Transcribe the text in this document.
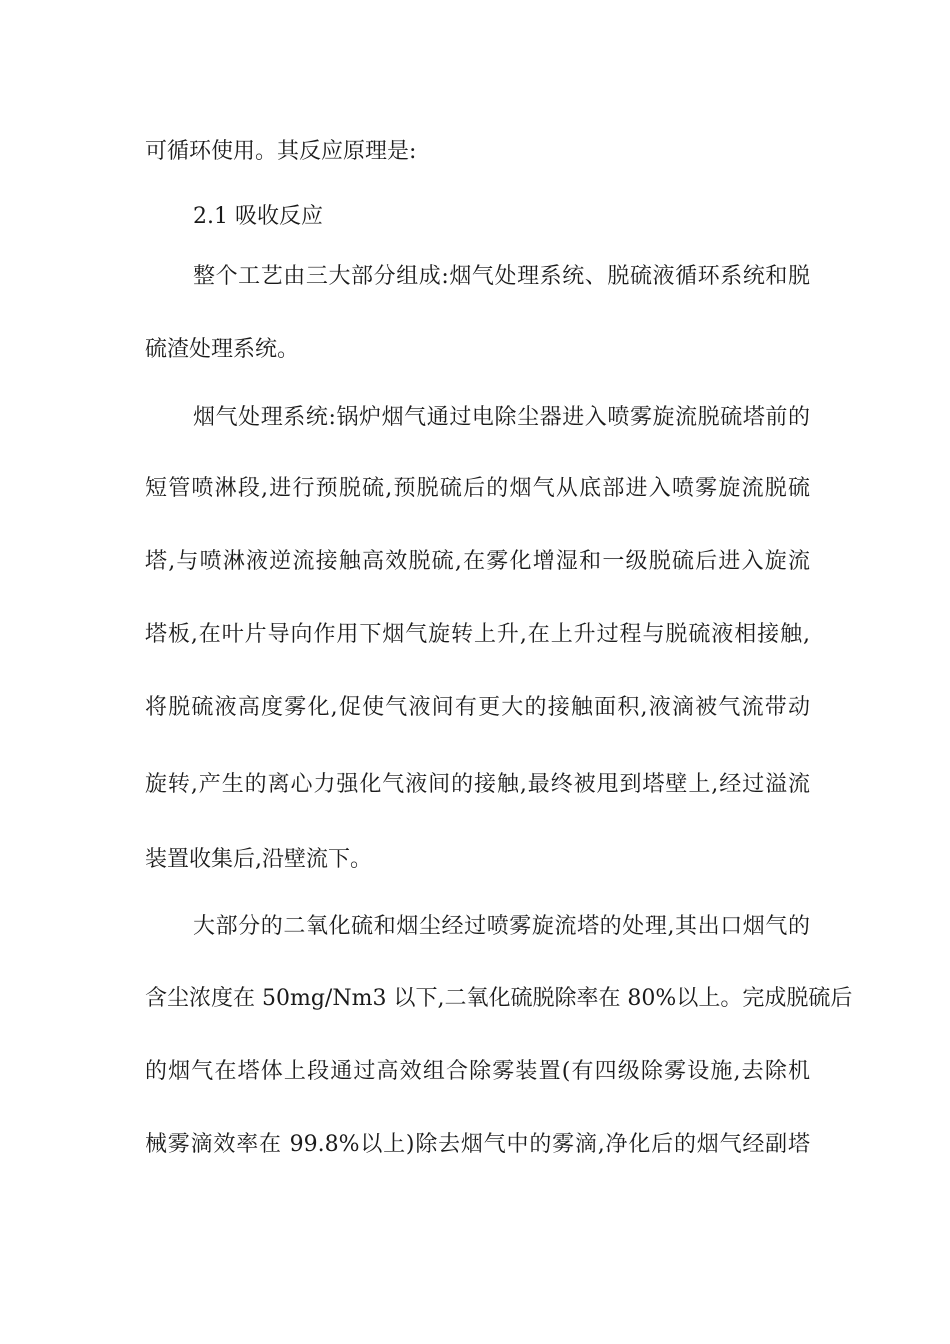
可循环使用。其反应原理是:
2.1 吸收反应
整个工艺由三大部分组成:烟气处理系统、脱硫液循环系统和脱
硫渣处理系统。
烟气处理系统:锅炉烟气通过电除尘器进入喷雾旋流脱硫塔前的
短管喷淋段,进行预脱硫,预脱硫后的烟气从底部进入喷雾旋流脱硫
塔,与喷淋液逆流接触高效脱硫,在雾化增湿和一级脱硫后进入旋流
塔板,在叶片导向作用下烟气旋转上升,在上升过程与脱硫液相接触,
将脱硫液高度雾化,促使气液间有更大的接触面积,液滴被气流带动
旋转,产生的离心力强化气液间的接触,最终被甩到塔壁上,经过溢流
装置收集后,沿壁流下。
大部分的二氧化硫和烟尘经过喷雾旋流塔的处理,其出口烟气的
含尘浓度在 50mg/Nm3 以下,二氧化硫脱除率在 80%以上。完成脱硫后
的烟气在塔体上段通过高效组合除雾装置(有四级除雾设施,去除机
械雾滴效率在 99.8%以上)除去烟气中的雾滴,净化后的烟气经副塔
